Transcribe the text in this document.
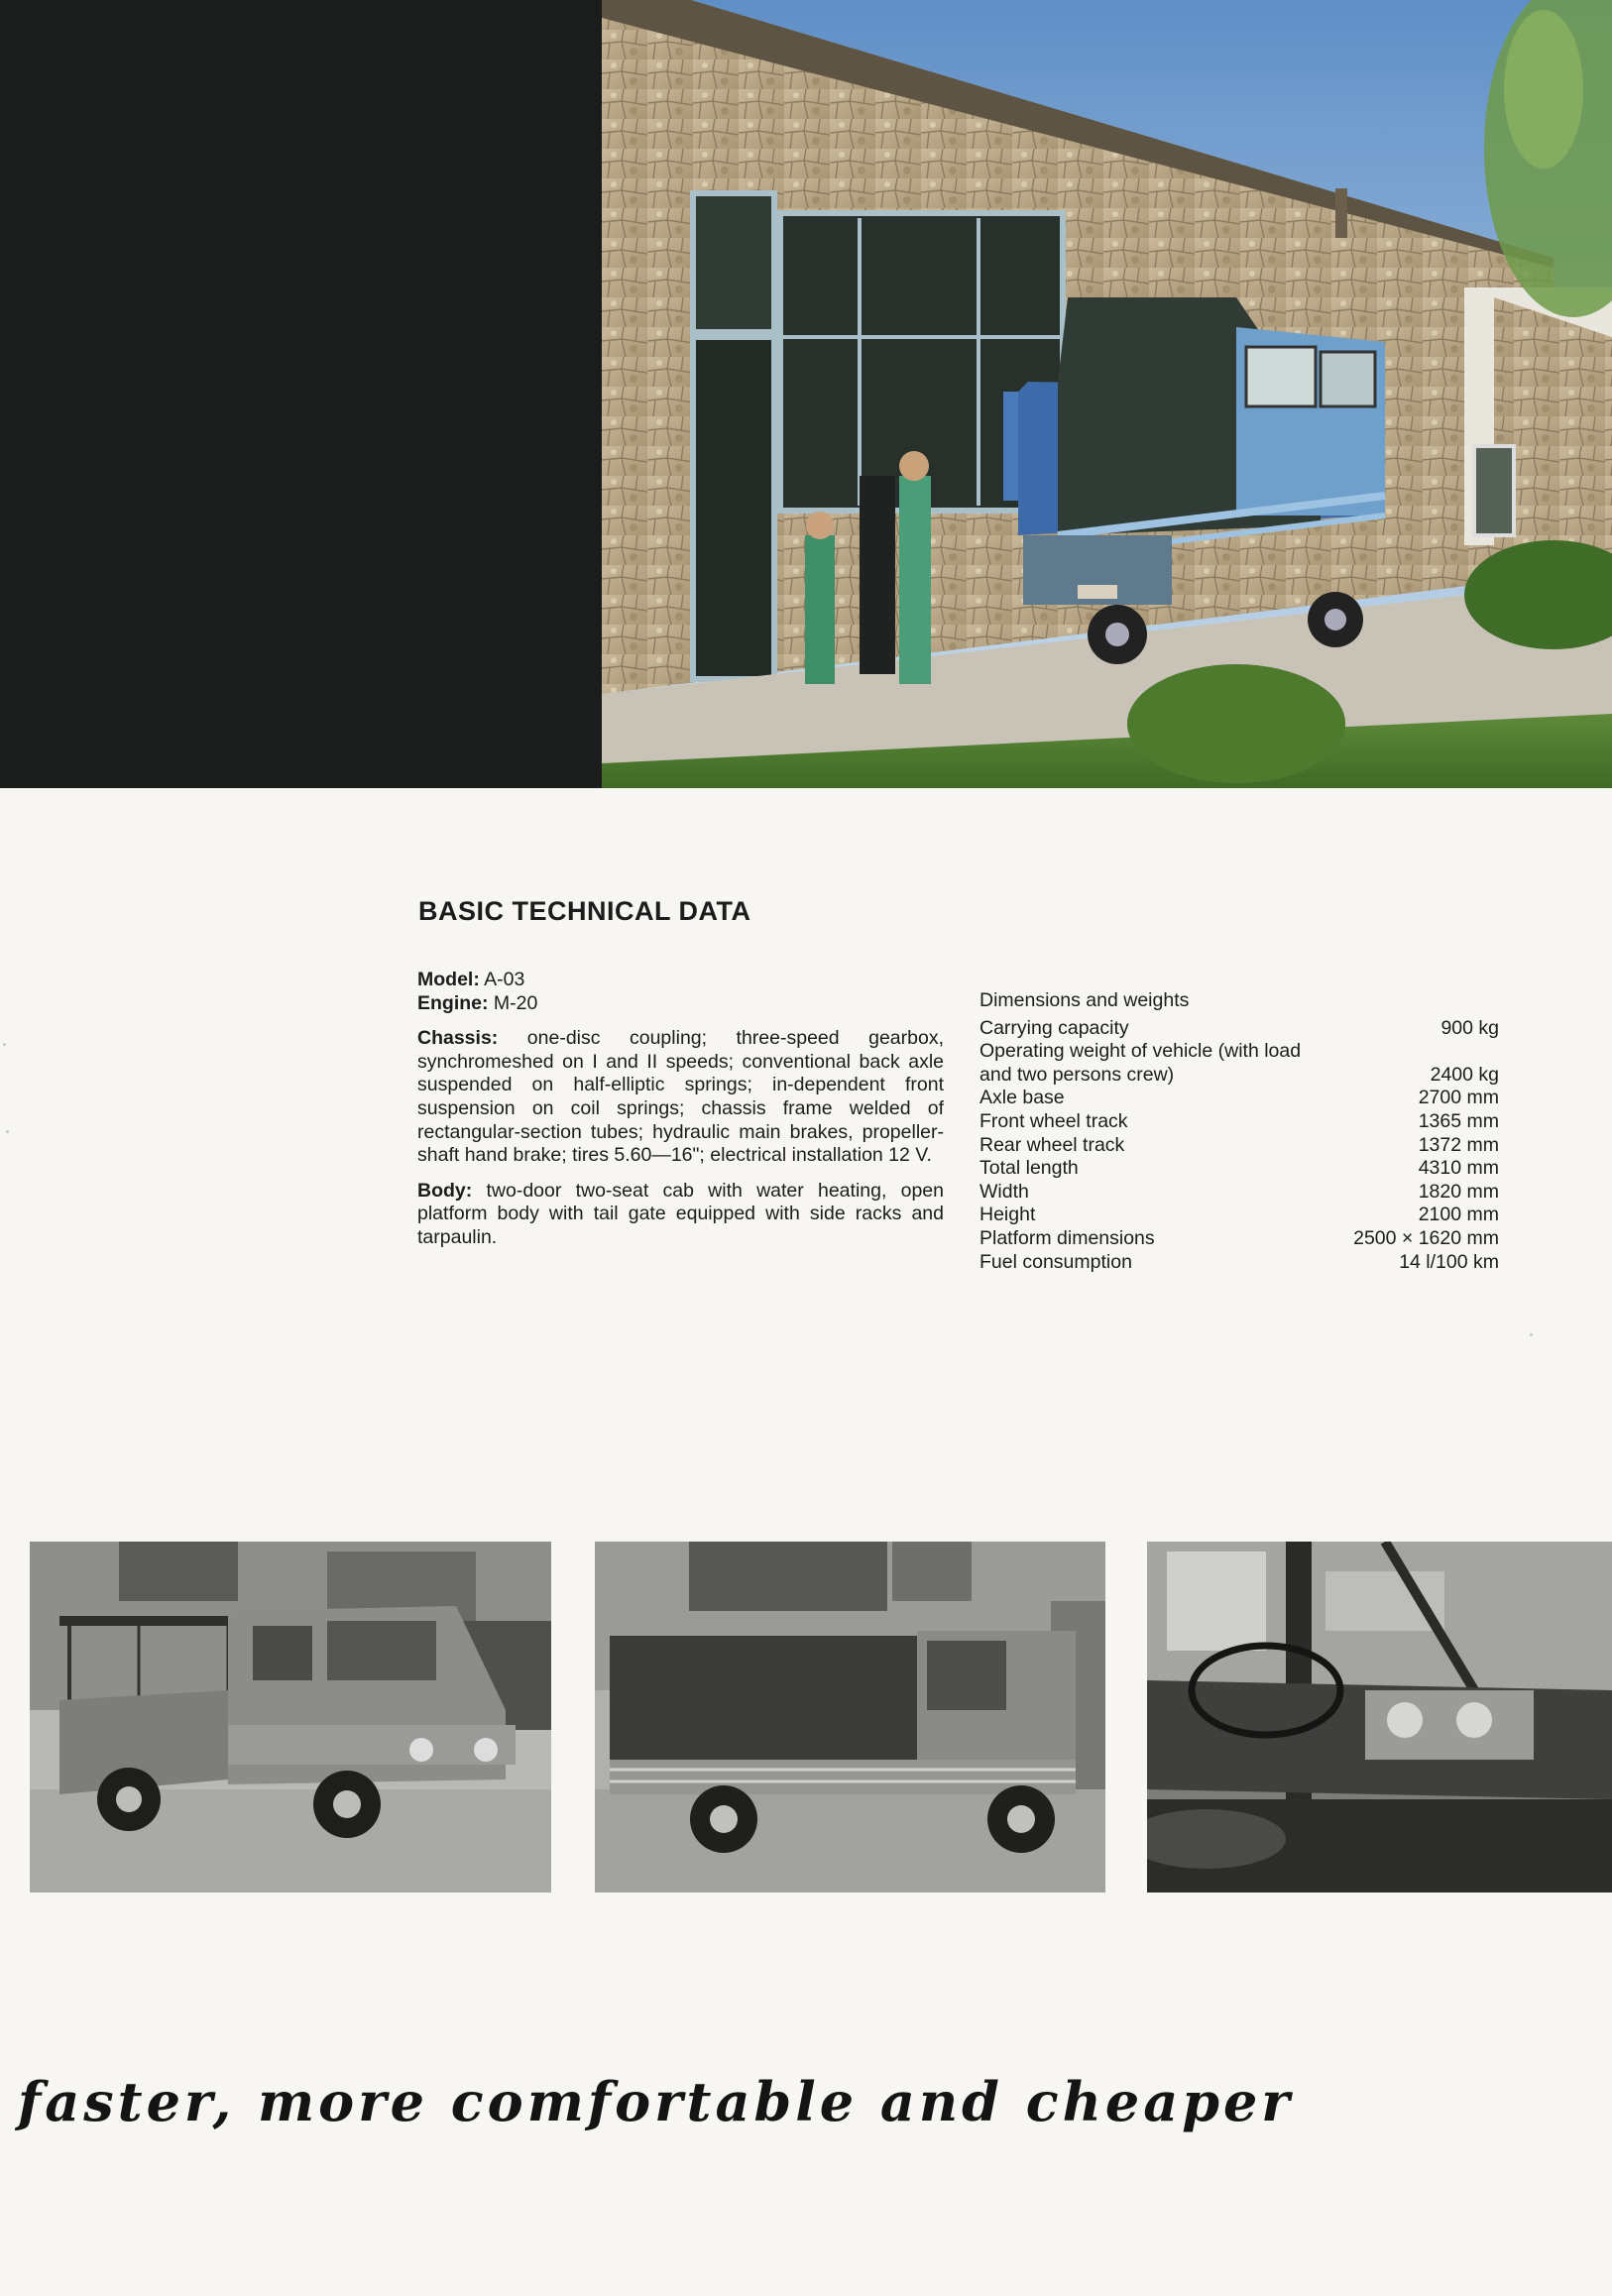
BASIC TECHNICAL DATA

Model: A-03

Engine: M-20

Chassis: one-disc coupling; three-speed gearbox, synchromeshed on I and II speeds; conventional back axle suspended on half-elliptic springs; in-dependent front suspension on coil springs; chassis frame welded of rectangular-section tubes; hydraulic main brakes, propeller-shaft hand brake; tires 5.60—16"; electrical installation 12 V.

Body: two-door two-seat cab with water heating, open platform body with tail gate equipped with side racks and tarpaulin.

Dimensions and weights
Carrying capacity	900 kg
Operating weight of vehicle (with load and two persons crew)	2400 kg
Axle base	2700 mm
Front wheel track	1365 mm
Rear wheel track	1372 mm
Total length	4310 mm
Width	1820 mm
Height	2100 mm
Platform dimensions	2500 × 1620 mm
Fuel consumption	14 l/100 km
faster, more comfortable and cheaper
